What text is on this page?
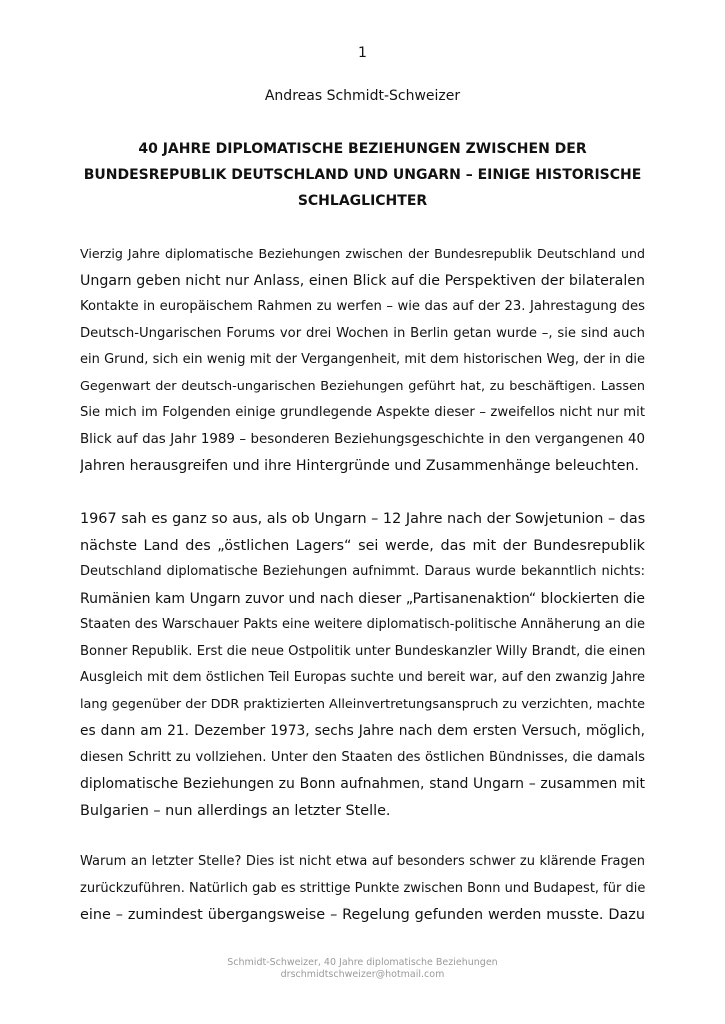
1
Andreas Schmidt-Schweizer
40 JAHRE DIPLOMATISCHE BEZIEHUNGEN ZWISCHEN DER
BUNDESREPUBLIK DEUTSCHLAND UND UNGARN – EINIGE HISTORISCHE
SCHLAGLICHTER

Vierzig Jahre diplomatische Beziehungen zwischen der Bundesrepublik Deutschland und
Ungarn geben nicht nur Anlass, einen Blick auf die Perspektiven der bilateralen
Kontakte in europäischem Rahmen zu werfen – wie das auf der 23. Jahrestagung des
Deutsch-Ungarischen Forums vor drei Wochen in Berlin getan wurde –, sie sind auch
ein Grund, sich ein wenig mit der Vergangenheit, mit dem historischen Weg, der in die
Gegenwart der deutsch-ungarischen Beziehungen geführt hat, zu beschäftigen. Lassen
Sie mich im Folgenden einige grundlegende Aspekte dieser – zweifellos nicht nur mit
Blick auf das Jahr 1989 – besonderen Beziehungsgeschichte in den vergangenen 40
Jahren herausgreifen und ihre Hintergründe und Zusammenhänge beleuchten.

1967 sah es ganz so aus, als ob Ungarn – 12 Jahre nach der Sowjetunion – das
nächste Land des „östlichen Lagers“ sei werde, das mit der Bundesrepublik
Deutschland diplomatische Beziehungen aufnimmt. Daraus wurde bekanntlich nichts:
Rumänien kam Ungarn zuvor und nach dieser „Partisanenaktion“ blockierten die
Staaten des Warschauer Pakts eine weitere diplomatisch-politische Annäherung an die
Bonner Republik. Erst die neue Ostpolitik unter Bundeskanzler Willy Brandt, die einen
Ausgleich mit dem östlichen Teil Europas suchte und bereit war, auf den zwanzig Jahre
lang gegenüber der DDR praktizierten Alleinvertretungsanspruch zu verzichten, machte
es dann am 21. Dezember 1973, sechs Jahre nach dem ersten Versuch, möglich,
diesen Schritt zu vollziehen. Unter den Staaten des östlichen Bündnisses, die damals
diplomatische Beziehungen zu Bonn aufnahmen, stand Ungarn – zusammen mit
Bulgarien – nun allerdings an letzter Stelle.

Warum an letzter Stelle? Dies ist nicht etwa auf besonders schwer zu klärende Fragen
zurückzuführen. Natürlich gab es strittige Punkte zwischen Bonn und Budapest, für die
eine – zumindest übergangsweise – Regelung gefunden werden musste. Dazu

Schmidt-Schweizer, 40 Jahre diplomatische Beziehungen
drschmidtschweizer@hotmail.com
